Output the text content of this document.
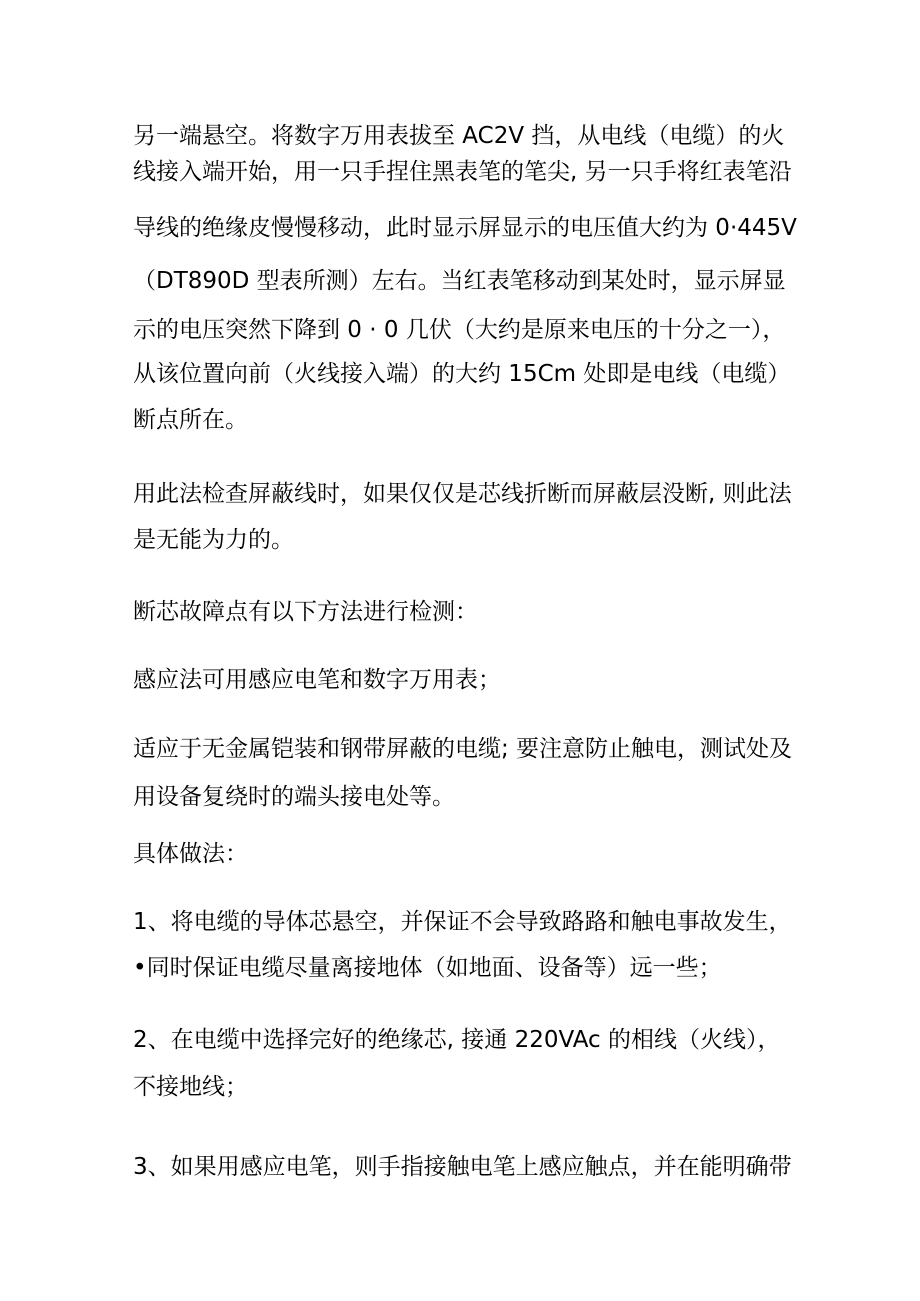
另一端悬空。将数字万用表拔至 AC2V 挡，从电线（电缆）的火
线接入端开始，用一只手捏住黑表笔的笔尖, 另一只手将红表笔沿
导线的绝缘皮慢慢移动，此时显示屏显示的电压值大约为 0·445V
（DT890D 型表所测）左右。当红表笔移动到某处时，显示屏显
示的电压突然下降到 0 · 0 几伏（大约是原来电压的十分之一），
从该位置向前（火线接入端）的大约 15Cm 处即是电线（电缆）
断点所在。
用此法检查屏蔽线时，如果仅仅是芯线折断而屏蔽层没断, 则此法
是无能为力的。
断芯故障点有以下方法进行检测：
感应法可用感应电笔和数字万用表；
适应于无金属铠装和钢带屏蔽的电缆; 要注意防止触电，测试处及
用设备复绕时的端头接电处等。
具体做法：
1、将电缆的导体芯悬空，并保证不会导致路路和触电事故发生，
•同时保证电缆尽量离接地体（如地面、设备等）远一些；
2、在电缆中选择完好的绝缘芯, 接通 220VAc 的相线（火线），
不接地线；
3、如果用感应电笔，则手指接触电笔上感应触点，并在能明确带
